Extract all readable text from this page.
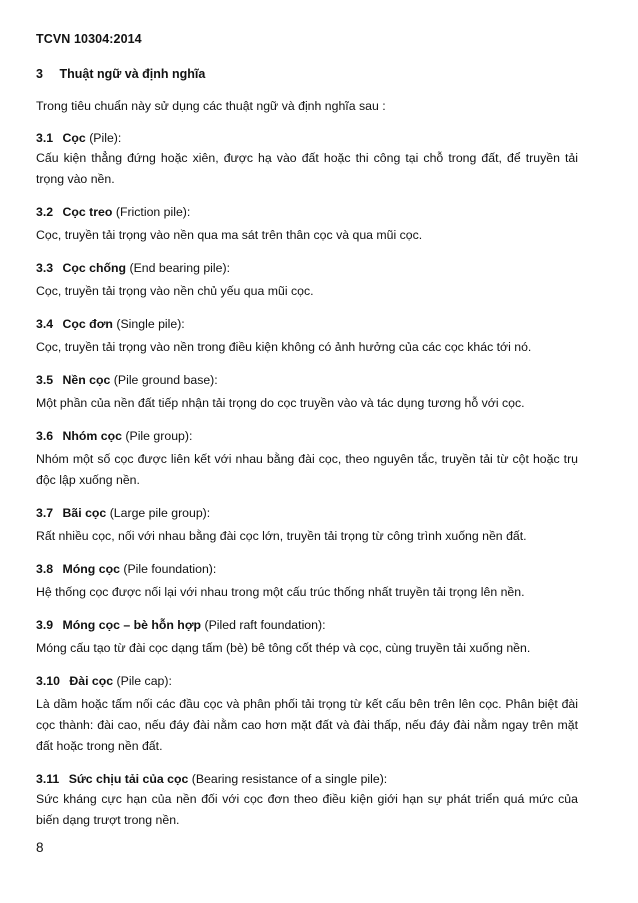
TCVN 10304:2014
3 Thuật ngữ và định nghĩa
Trong tiêu chuẩn này sử dụng các thuật ngữ và định nghĩa sau :
3.1 Cọc (Pile):
Cấu kiện thẳng đứng hoặc xiên, được hạ vào đất hoặc thi công tại chỗ trong đất, để truyền tải trọng vào nền.
3.2 Cọc treo (Friction pile):
Cọc, truyền tải trọng vào nền qua ma sát trên thân cọc và qua mũi cọc.
3.3 Cọc chống (End bearing pile):
Cọc, truyền tải trọng vào nền chủ yếu qua mũi cọc.
3.4 Cọc đơn (Single pile):
Cọc, truyền tải trọng vào nền trong điều kiện không có ảnh hưởng của các cọc khác tới nó.
3.5 Nền cọc (Pile ground base):
Một phần của nền đất tiếp nhận tải trọng do cọc truyền vào và tác dụng tương hỗ với cọc.
3.6 Nhóm cọc (Pile group):
Nhóm một số cọc được liên kết với nhau bằng đài cọc, theo nguyên tắc, truyền tải từ cột hoặc trụ độc lập xuống nền.
3.7 Bãi cọc (Large pile group):
Rất nhiều cọc, nối với nhau bằng đài cọc lớn, truyền tải trọng từ công trình xuống nền đất.
3.8 Móng cọc (Pile foundation):
Hệ thống cọc được nối lại với nhau trong một cấu trúc thống nhất truyền tải trọng lên nền.
3.9 Móng cọc – bè hỗn hợp (Piled raft foundation):
Móng cấu tạo từ đài cọc dạng tấm (bè) bê tông cốt thép và cọc, cùng truyền tải xuống nền.
3.10 Đài cọc (Pile cap):
Là dầm hoặc tấm nối các đầu cọc và phân phối tải trọng từ kết cấu bên trên lên cọc. Phân biệt đài cọc thành: đài cao, nếu đáy đài nằm cao hơn mặt đất và đài thấp, nếu đáy đài nằm ngay trên mặt đất hoặc trong nền đất.
3.11 Sức chịu tải của cọc (Bearing resistance of a single pile):
Sức kháng cực hạn của nền đối với cọc đơn theo điều kiện giới hạn sự phát triển quá mức của biến dạng trượt trong nền.
8
